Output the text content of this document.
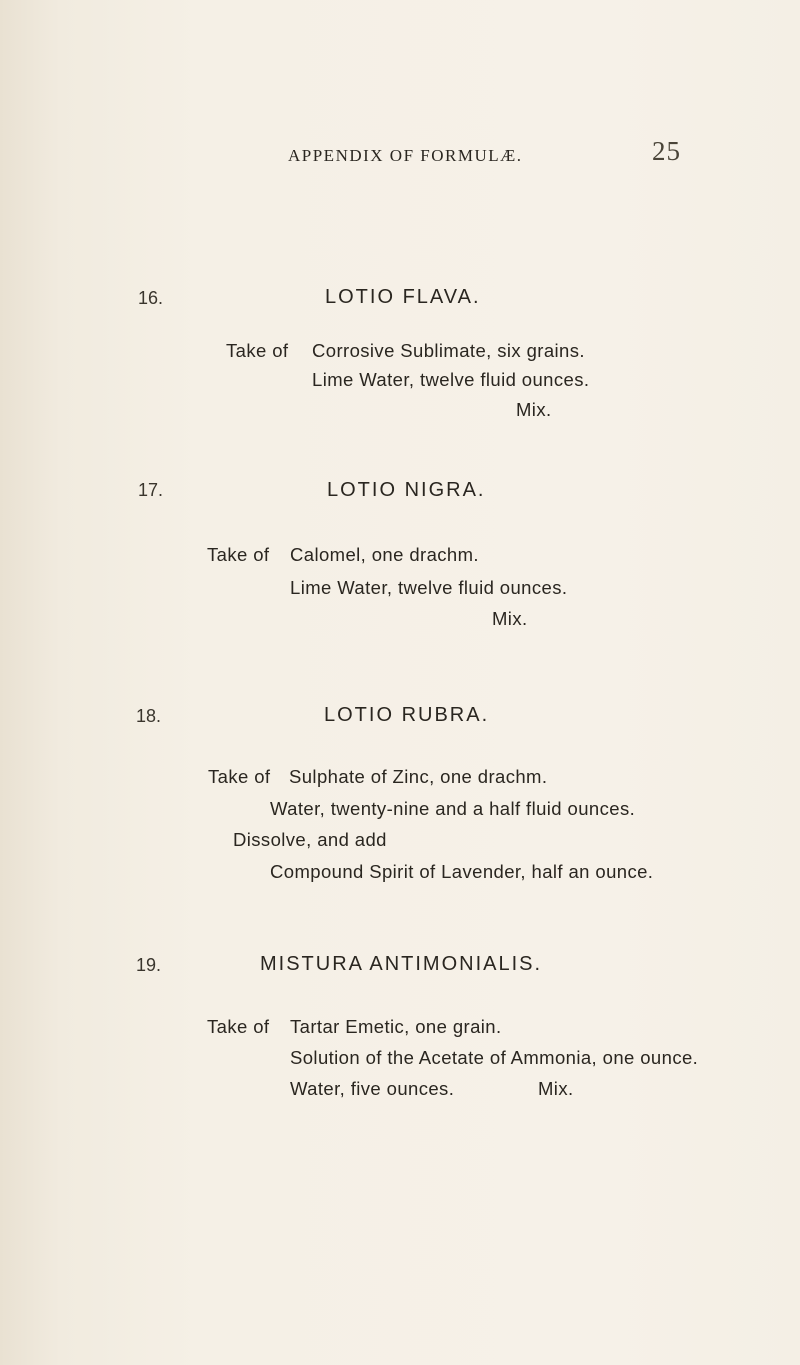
APPENDIX OF FORMULÆ.	25
16.	LOTIO FLAVA.
Take of Corrosive Sublimate, six grains.
Lime Water, twelve fluid ounces.
Mix.
17.	LOTIO NIGRA.
Take of Calomel, one drachm.
Lime Water, twelve fluid ounces.
Mix.
18.	LOTIO RUBRA.
Take of Sulphate of Zinc, one drachm.
Water, twenty-nine and a half fluid ounces.
Dissolve, and add
Compound Spirit of Lavender, half an ounce.
19.	MISTURA ANTIMONIALIS.
Take of Tartar Emetic, one grain.
Solution of the Acetate of Ammonia, one ounce.
Water, five ounces.	Mix.
